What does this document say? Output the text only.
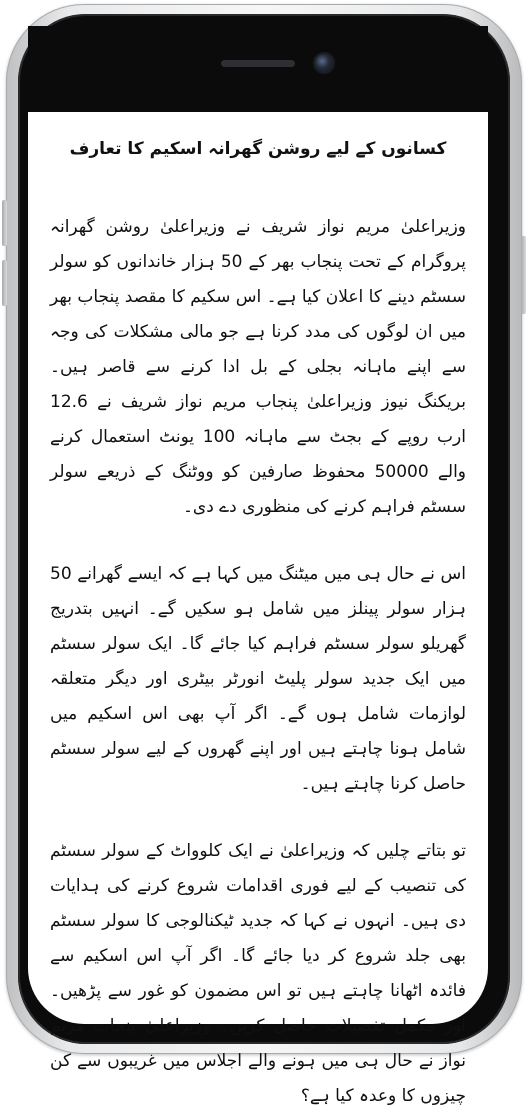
کسانوں کے لیے روشن گھرانہ اسکیم کا تعارف

وزیراعلیٰ مریم نواز شریف نے وزیراعلیٰ روشن گھرانہ پروگرام کے تحت پنجاب بھر کے 50 ہزار خاندانوں کو سولر سسٹم دینے کا اعلان کیا ہے۔ اس سکیم کا مقصد پنجاب بھر میں ان لوگوں کی مدد کرنا ہے جو مالی مشکلات کی وجہ سے اپنے ماہانہ بجلی کے بل ادا کرنے سے قاصر ہیں۔ بریکنگ نیوز وزیراعلیٰ پنجاب مریم نواز شریف نے 12.6 ارب روپے کے بجٹ سے ماہانہ 100 یونٹ استعمال کرنے والے 50000 محفوظ صارفین کو ووٹنگ کے ذریعے سولر سسٹم فراہم کرنے کی منظوری دے دی۔

اس نے حال ہی میں میٹنگ میں کہا ہے کہ ایسے گھرانے 50 ہزار سولر پینلز میں شامل ہو سکیں گے۔ انہیں بتدریج گھریلو سولر سسٹم فراہم کیا جائے گا۔ ایک سولر سسٹم میں ایک جدید سولر پلیٹ انورٹر بیٹری اور دیگر متعلقہ لوازمات شامل ہوں گے۔ اگر آپ بھی اس اسکیم میں شامل ہونا چاہتے ہیں اور اپنے گھروں کے لیے سولر سسٹم حاصل کرنا چاہتے ہیں۔

تو بتاتے چلیں کہ وزیراعلیٰ نے ایک کلوواٹ کے سولر سسٹم کی تنصیب کے لیے فوری اقدامات شروع کرنے کی ہدایات دی ہیں۔ انہوں نے کہا کہ جدید ٹیکنالوجی کا سولر سسٹم بھی جلد شروع کر دیا جائے گا۔ اگر آپ اس اسکیم سے فائدہ اٹھانا چاہتے ہیں تو اس مضمون کو غور سے پڑھیں۔ اور مکمل تفصیلات حاصل کریں۔ وزیراعلیٰ پنجاب مریم نواز نے حال ہی میں ہونے والے اجلاس میں غریبوں سے کن چیزوں کا وعدہ کیا ہے؟
